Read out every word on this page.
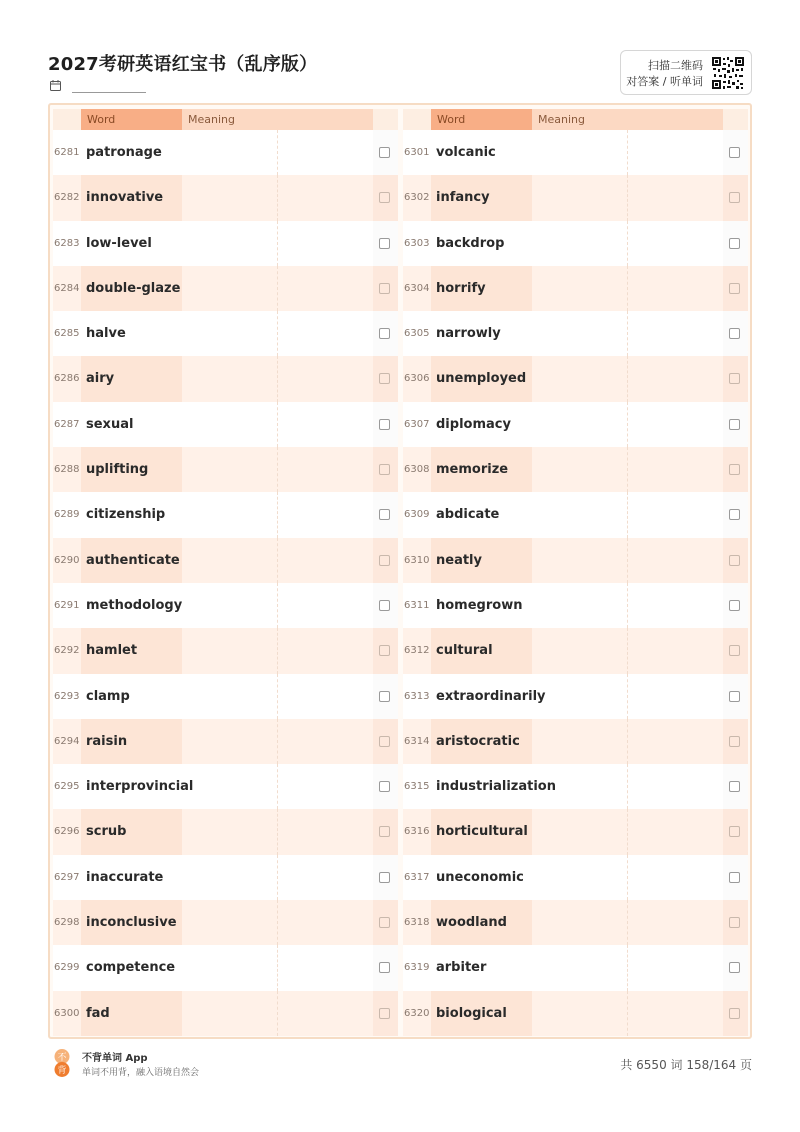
2027考研英语红宝书（乱序版）	扫描二维码
对答案 / 听单词
Word	Meaning
6281 patronage
6282 innovative
6283 low-level
6284 double-glaze
6285 halve
6286 airy
6287 sexual
6288 uplifting
6289 citizenship
6290 authenticate
6291 methodology
6292 hamlet
6293 clamp
6294 raisin
6295 interprovincial
6296 scrub
6297 inaccurate
6298 inconclusive
6299 competence
6300 fad
Word	Meaning
6301 volcanic
6302 infancy
6303 backdrop
6304 horrify
6305 narrowly
6306 unemployed
6307 diplomacy
6308 memorize
6309 abdicate
6310 neatly
6311 homegrown
6312 cultural
6313 extraordinarily
6314 aristocratic
6315 industrialization
6316 horticultural
6317 uneconomic
6318 woodland
6319 arbiter
6320 biological
不
背
不背单词 App
单词不用背，融入语境自然会
共 6550 词 158/164 页
